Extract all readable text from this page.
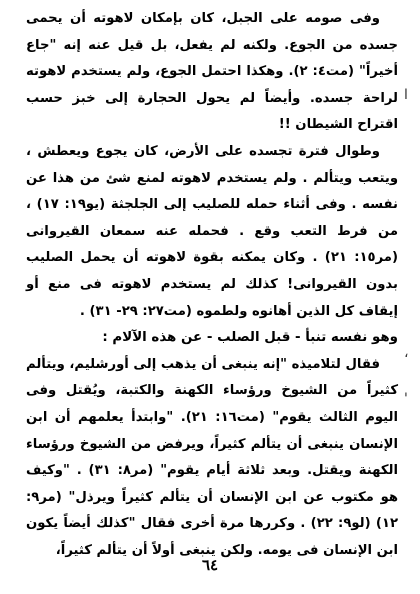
وفى صومه على الجبل، كان بإمكان لاهوته أن يحمى جسده من الجوع. ولكنه لم يفعل، بل قيل عنه إنه "جاع أخيراً" (مت٤: ٢). وهكذا احتمل الجوع، ولم يستخدم لاهوته لراحة جسده. وأيضاً لم يحول الحجارة إلى خبز حسب اقتراح الشيطان !!

وطوال فترة تجسده على الأرض، كان يجوع ويعطش ، ويتعب ويتألم . ولم يستخدم لاهوته لمنع شئ من هذا عن نفسه . وفى أثناء حمله للصليب إلى الجلجثة (يو١٩: ١٧) ، من فرط التعب وقع . فحمله عنه سمعان القيروانى (مر١٥: ٢١) . وكان يمكنه بقوة لاهوته أن يحمل الصليب بدون القيروانى! كذلك لم يستخدم لاهوته فى منع أو إيقاف كل الذين أهانوه ولطموه (مت٢٧: ٢٩- ٣١) .

وهو نفسه تنبأ - قبل الصلب - عن هذه الآلام :

فقال لتلاميذه "إنه ينبغى أن يذهب إلى أورشليم، ويتألم كثيراً من الشيوخ ورؤساء الكهنة والكتبة، ويُقتل وفى اليوم الثالث يقوم" (مت١٦: ٢١). "وابتدأ يعلمهم أن ابن الإنسان ينبغى أن يتألم كثيراً، ويرفض من الشيوخ ورؤساء الكهنة ويقتل. وبعد ثلاثة أيام يقوم" (مر٨: ٣١) . "وكيف هو مكتوب عن ابن الإنسان أن يتألم كثيراً ويرذل" (مر٩: ١٢) (لو٩: ٢٢) . وكررها مرة أخرى فقال "كذلك أيضاً يكون ابن الإنسان فى يومه. ولكن ينبغى أولاً أن يتألم كثيراً،

ا
،
'
٦٤
